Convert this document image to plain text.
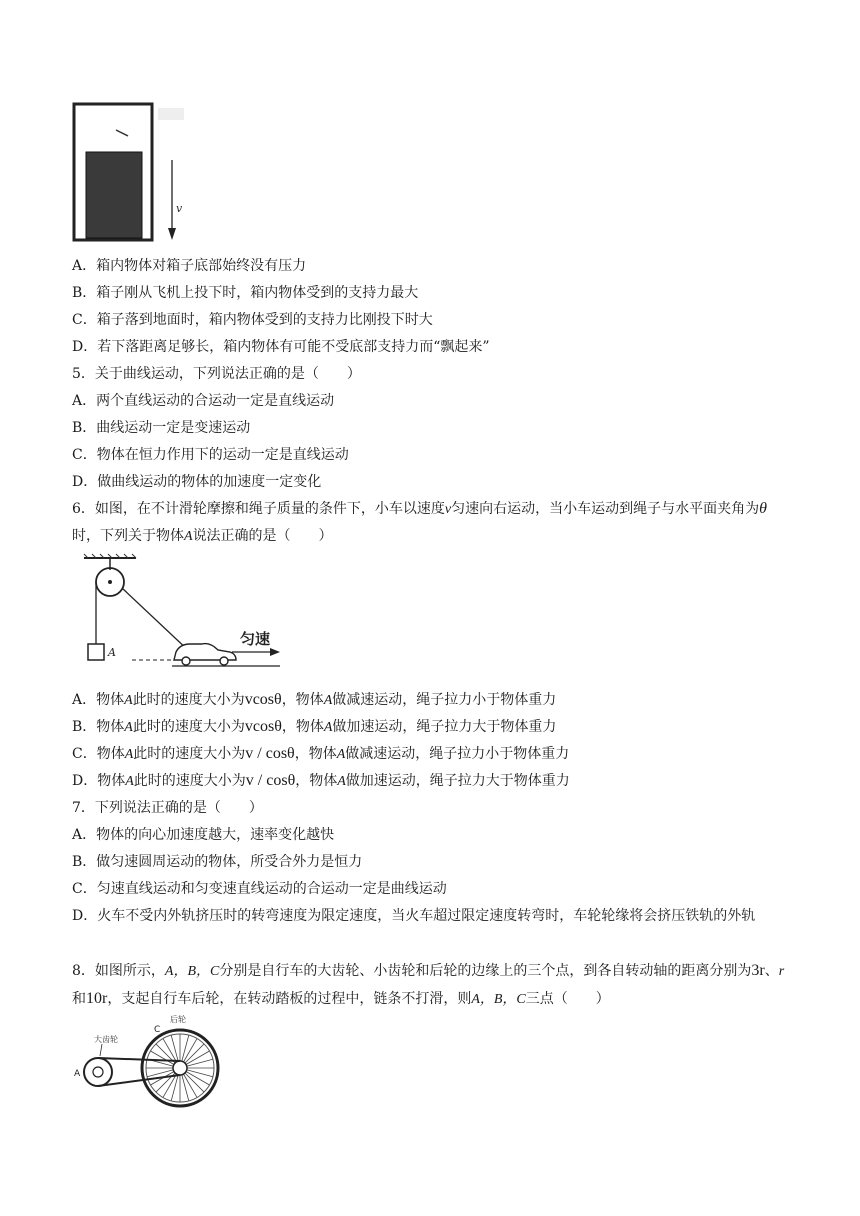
v
A．箱内物体对箱子底部始终没有压力
B．箱子刚从飞机上投下时，箱内物体受到的支持力最大
C．箱子落到地面时，箱内物体受到的支持力比刚投下时大
D．若下落距离足够长，箱内物体有可能不受底部支持力而“飘起来”
5．关于曲线运动，下列说法正确的是（　　）
A．两个直线运动的合运动一定是直线运动
B．曲线运动一定是变速运动
C．物体在恒力作用下的运动一定是直线运动
D．做曲线运动的物体的加速度一定变化
6．如图，在不计滑轮摩擦和绳子质量的条件下，小车以速度v匀速向右运动，当小车运动到绳子与水平面夹角为θ时，下列关于物体A说法正确的是（　　）
A
匀速
A．物体A此时的速度大小为vcosθ，物体A做减速运动，绳子拉力小于物体重力
B．物体A此时的速度大小为vcosθ，物体A做加速运动，绳子拉力大于物体重力
C．物体A此时的速度大小为v / cosθ，物体A做减速运动，绳子拉力小于物体重力
D．物体A此时的速度大小为v / cosθ，物体A做加速运动，绳子拉力大于物体重力
7．下列说法正确的是（　　）
A．物体的向心加速度越大，速率变化越快
B．做匀速圆周运动的物体，所受合外力是恒力
C．匀速直线运动和匀变速直线运动的合运动一定是曲线运动
D．火车不受内外轨挤压时的转弯速度为限定速度，当火车超过限定速度转弯时，车轮轮缘将会挤压铁轨的外轨
8．如图所示，A，B，C分别是自行车的大齿轮、小齿轮和后轮的边缘上的三个点，到各自转动轴的距离分别为3r、r和10r，支起自行车后轮，在转动踏板的过程中，链条不打滑，则A，B，C三点（　　）
大齿轮
后轮
A
C
